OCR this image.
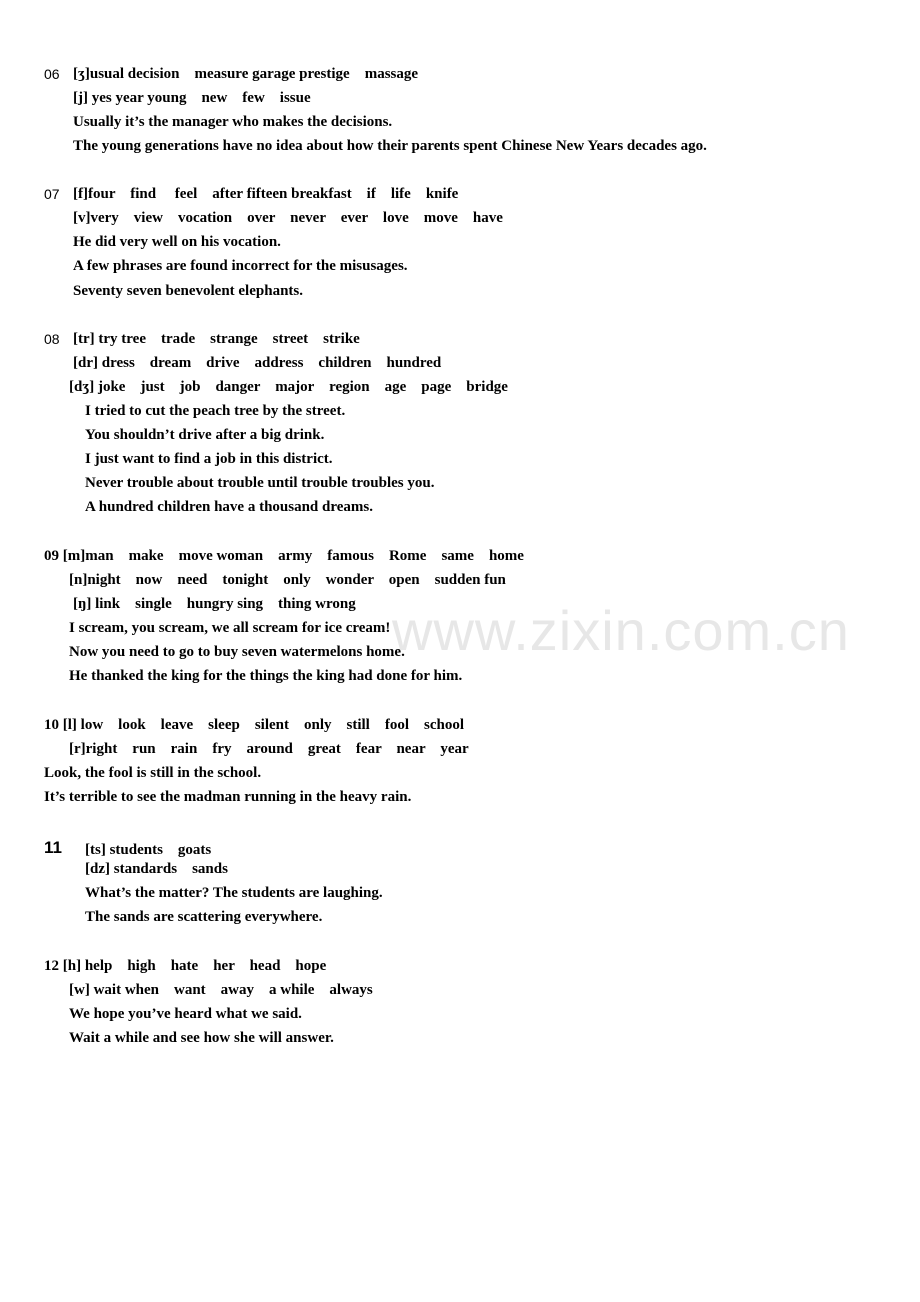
www.zixin.com.cn
06 [ʒ]usual decision    measure garage prestige    massage
[j] yes year young    new    few    issue
Usually it’s the manager who makes the decisions.
The young generations have no idea about how their parents spent Chinese New Years decades ago.
07 [f]four    find     feel    after fifteen breakfast    if    life    knife
[v]very    view    vocation    over    never    ever    love    move    have
He did very well on his vocation.
A few phrases are found incorrect for the misusages.
Seventy seven benevolent elephants.
08 [tr] try tree    trade    strange    street    strike
[dr] dress    dream    drive    address    children    hundred
[dʒ] joke    just    job    danger    major    region    age    page    bridge
I tried to cut the peach tree by the street.
You shouldn’t drive after a big drink.
I just want to find a job in this district.
Never trouble about trouble until trouble troubles you.
A hundred children have a thousand dreams.
09 [m]man    make    move woman    army    famous    Rome    same    home
[n]night    now    need    tonight    only    wonder    open    sudden fun
[ŋ] link    single    hungry sing    thing wrong
I scream, you scream, we all scream for ice cream!
Now you need to go to buy seven watermelons home.
He thanked the king for the things the king had done for him.
10 [l] low    look    leave    sleep    silent    only    still    fool    school
[r]right    run    rain    fry    around    great    fear    near    year
Look, the fool is still in the school.
It’s terrible to see the madman running in the heavy rain.
11 [ts] students    goats
[dz] standards    sands
What’s the matter? The students are laughing.
The sands are scattering everywhere.
12 [h] help    high    hate    her    head    hope
[w] wait when    want    away    a while    always
We hope you’ve heard what we said.
Wait a while and see how she will answer.
